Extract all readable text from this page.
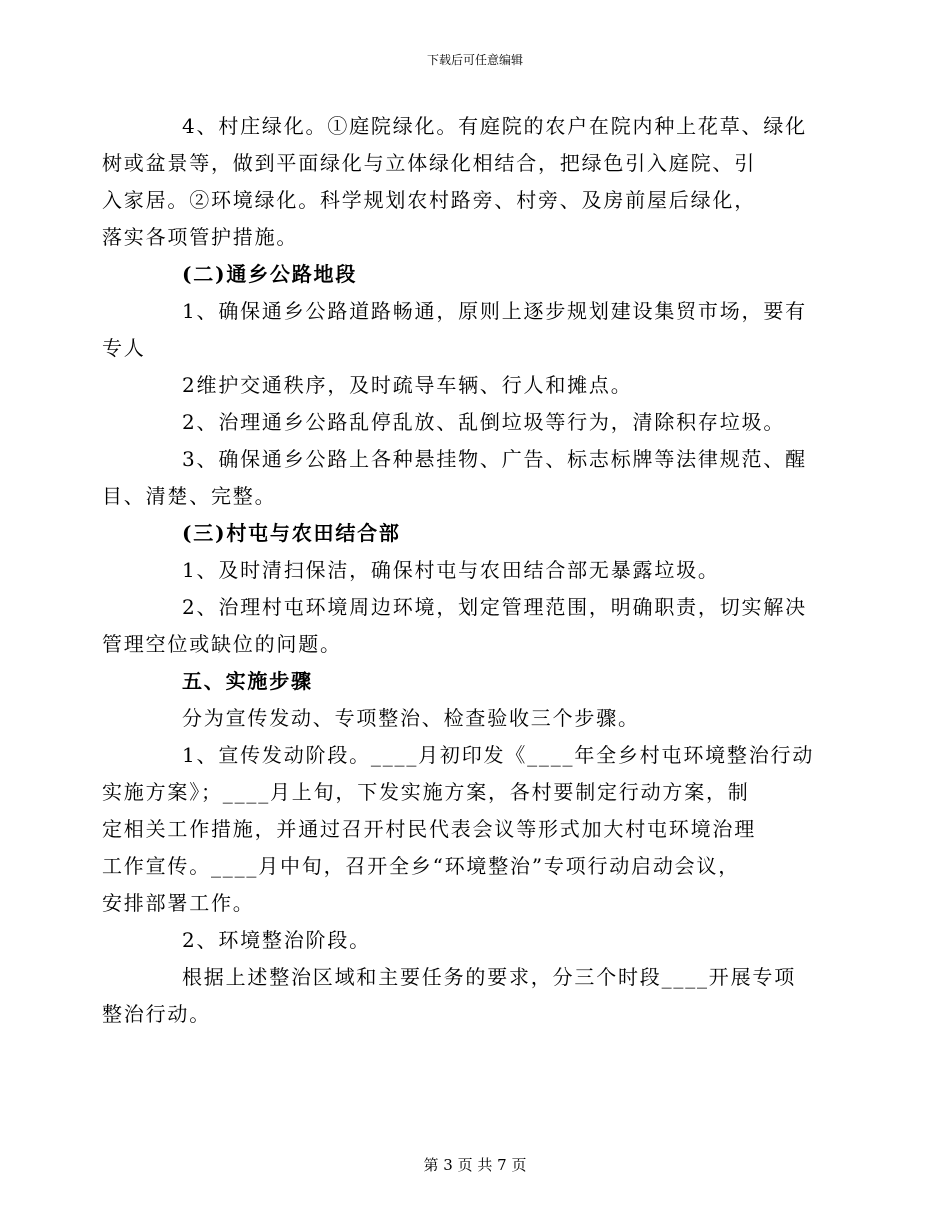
下载后可任意编辑
4、村庄绿化。①庭院绿化。有庭院的农户在院内种上花草、绿化
树或盆景等，做到平面绿化与立体绿化相结合，把绿色引入庭院、引
入家居。②环境绿化。科学规划农村路旁、村旁、及房前屋后绿化，
落实各项管护措施。
(二)通乡公路地段
1、确保通乡公路道路畅通，原则上逐步规划建设集贸市场，要有
专人
2维护交通秩序，及时疏导车辆、行人和摊点。
2、治理通乡公路乱停乱放、乱倒垃圾等行为，清除积存垃圾。
3、确保通乡公路上各种悬挂物、广告、标志标牌等法律规范、醒
目、清楚、完整。
(三)村屯与农田结合部
1、及时清扫保洁，确保村屯与农田结合部无暴露垃圾。
2、治理村屯环境周边环境，划定管理范围，明确职责，切实解决
管理空位或缺位的问题。
五、实施步骤
分为宣传发动、专项整治、检查验收三个步骤。
1、宣传发动阶段。____月初印发《____年全乡村屯环境整治行动
实施方案》；____月上旬，下发实施方案，各村要制定行动方案，制
定相关工作措施，并通过召开村民代表会议等形式加大村屯环境治理
工作宣传。____月中旬，召开全乡“环境整治”专项行动启动会议，
安排部署工作。
2、环境整治阶段。
根据上述整治区域和主要任务的要求，分三个时段____开展专项
整治行动。
第 3 页 共 7 页
